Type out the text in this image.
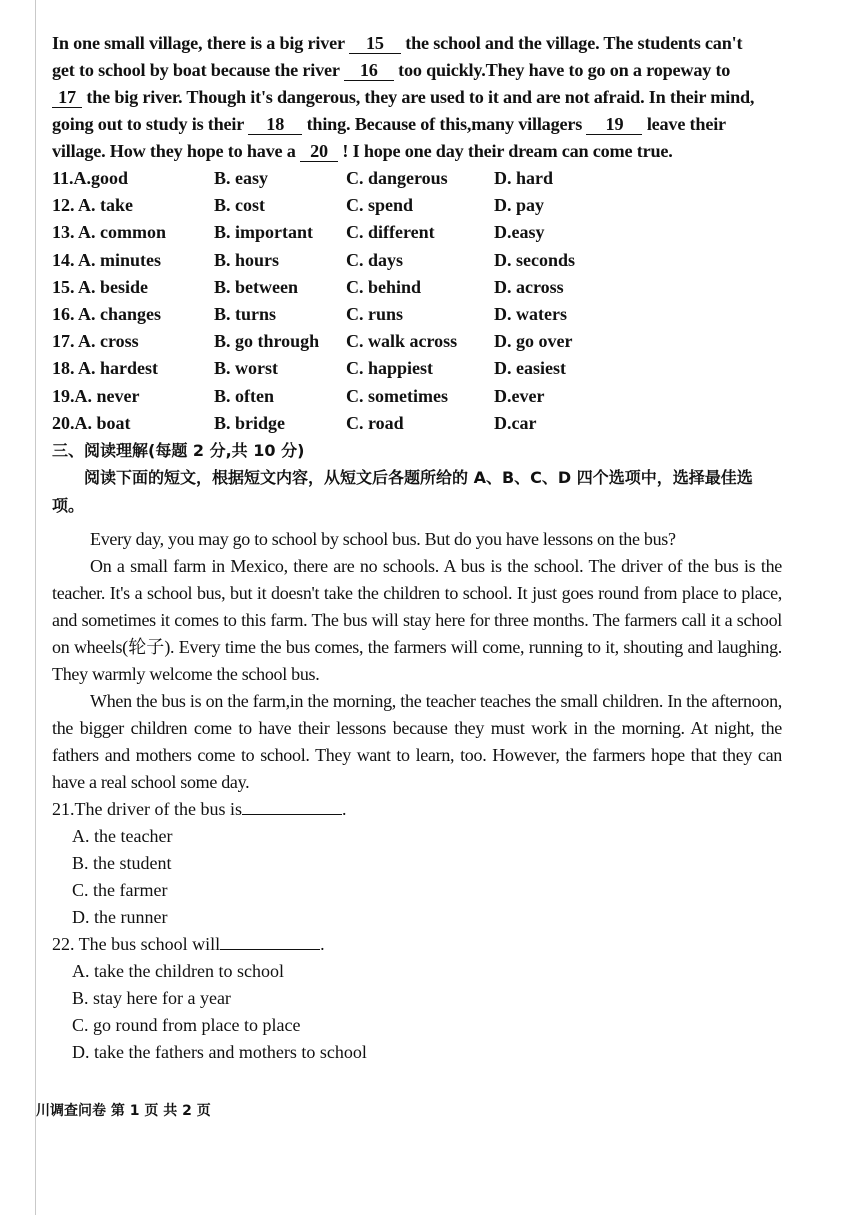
In one small village, there is a big river 15 the school and the village. The students can't

get to school by boat because the river 16 too quickly.They have to go on a ropeway to

17 the big river. Though it's dangerous, they are used to it and are not afraid. In their mind,

going out to study is their 18 thing. Because of this,many villagers 19 leave their

village. How they hope to have a 20 ! I hope one day their dream can come true.

11.A.good	B. easy	C. dangerous	D. hard
12. A. take	B. cost	C. spend	D. pay
13. A. common	B. important	C. different	D.easy
14. A. minutes	B. hours	C. days	D. seconds
15. A. beside	B. between	C. behind	D. across
16. A. changes	B. turns	C. runs	D. waters
17. A. cross	B. go through	C. walk across	D. go over
18. A. hardest	B. worst	C. happiest	D. easiest
19.A. never	B. often	C. sometimes	D.ever
20.A. boat	B. bridge	C. road	D.car
三、阅读理解(每题 2 分,共 10 分)

阅读下面的短文，根据短文内容，从短文后各题所给的 A、B、C、D 四个选项中，选择最佳选项。

Every day, you may go to school by school bus. But do you have lessons on the bus?

On a small farm in Mexico, there are no schools. A bus is the school. The driver of the bus is the teacher. It's a school bus, but it doesn't take the children to school. It just goes round from place to place, and sometimes it comes to this farm. The bus will stay here for three months. The farmers call it a school on wheels(轮子). Every time the bus comes, the farmers will come, running to it, shouting and laughing. They warmly welcome the school bus.

When the bus is on the farm,in the morning, the teacher teaches the small children. In the afternoon, the bigger children come to have their lessons because they must work in the morning. At night, the fathers and mothers come to school. They want to learn, too. However, the farmers hope that they can have a real school some day.

21.The driver of the bus is	.
A. the teacher
B. the student
C. the farmer
D. the runner
22. The bus school will	.
A. take the children to school
B. stay here for a year
C. go round from place to place
D. take the fathers and mothers to school
川调查问卷 第 1 页 共 2 页
